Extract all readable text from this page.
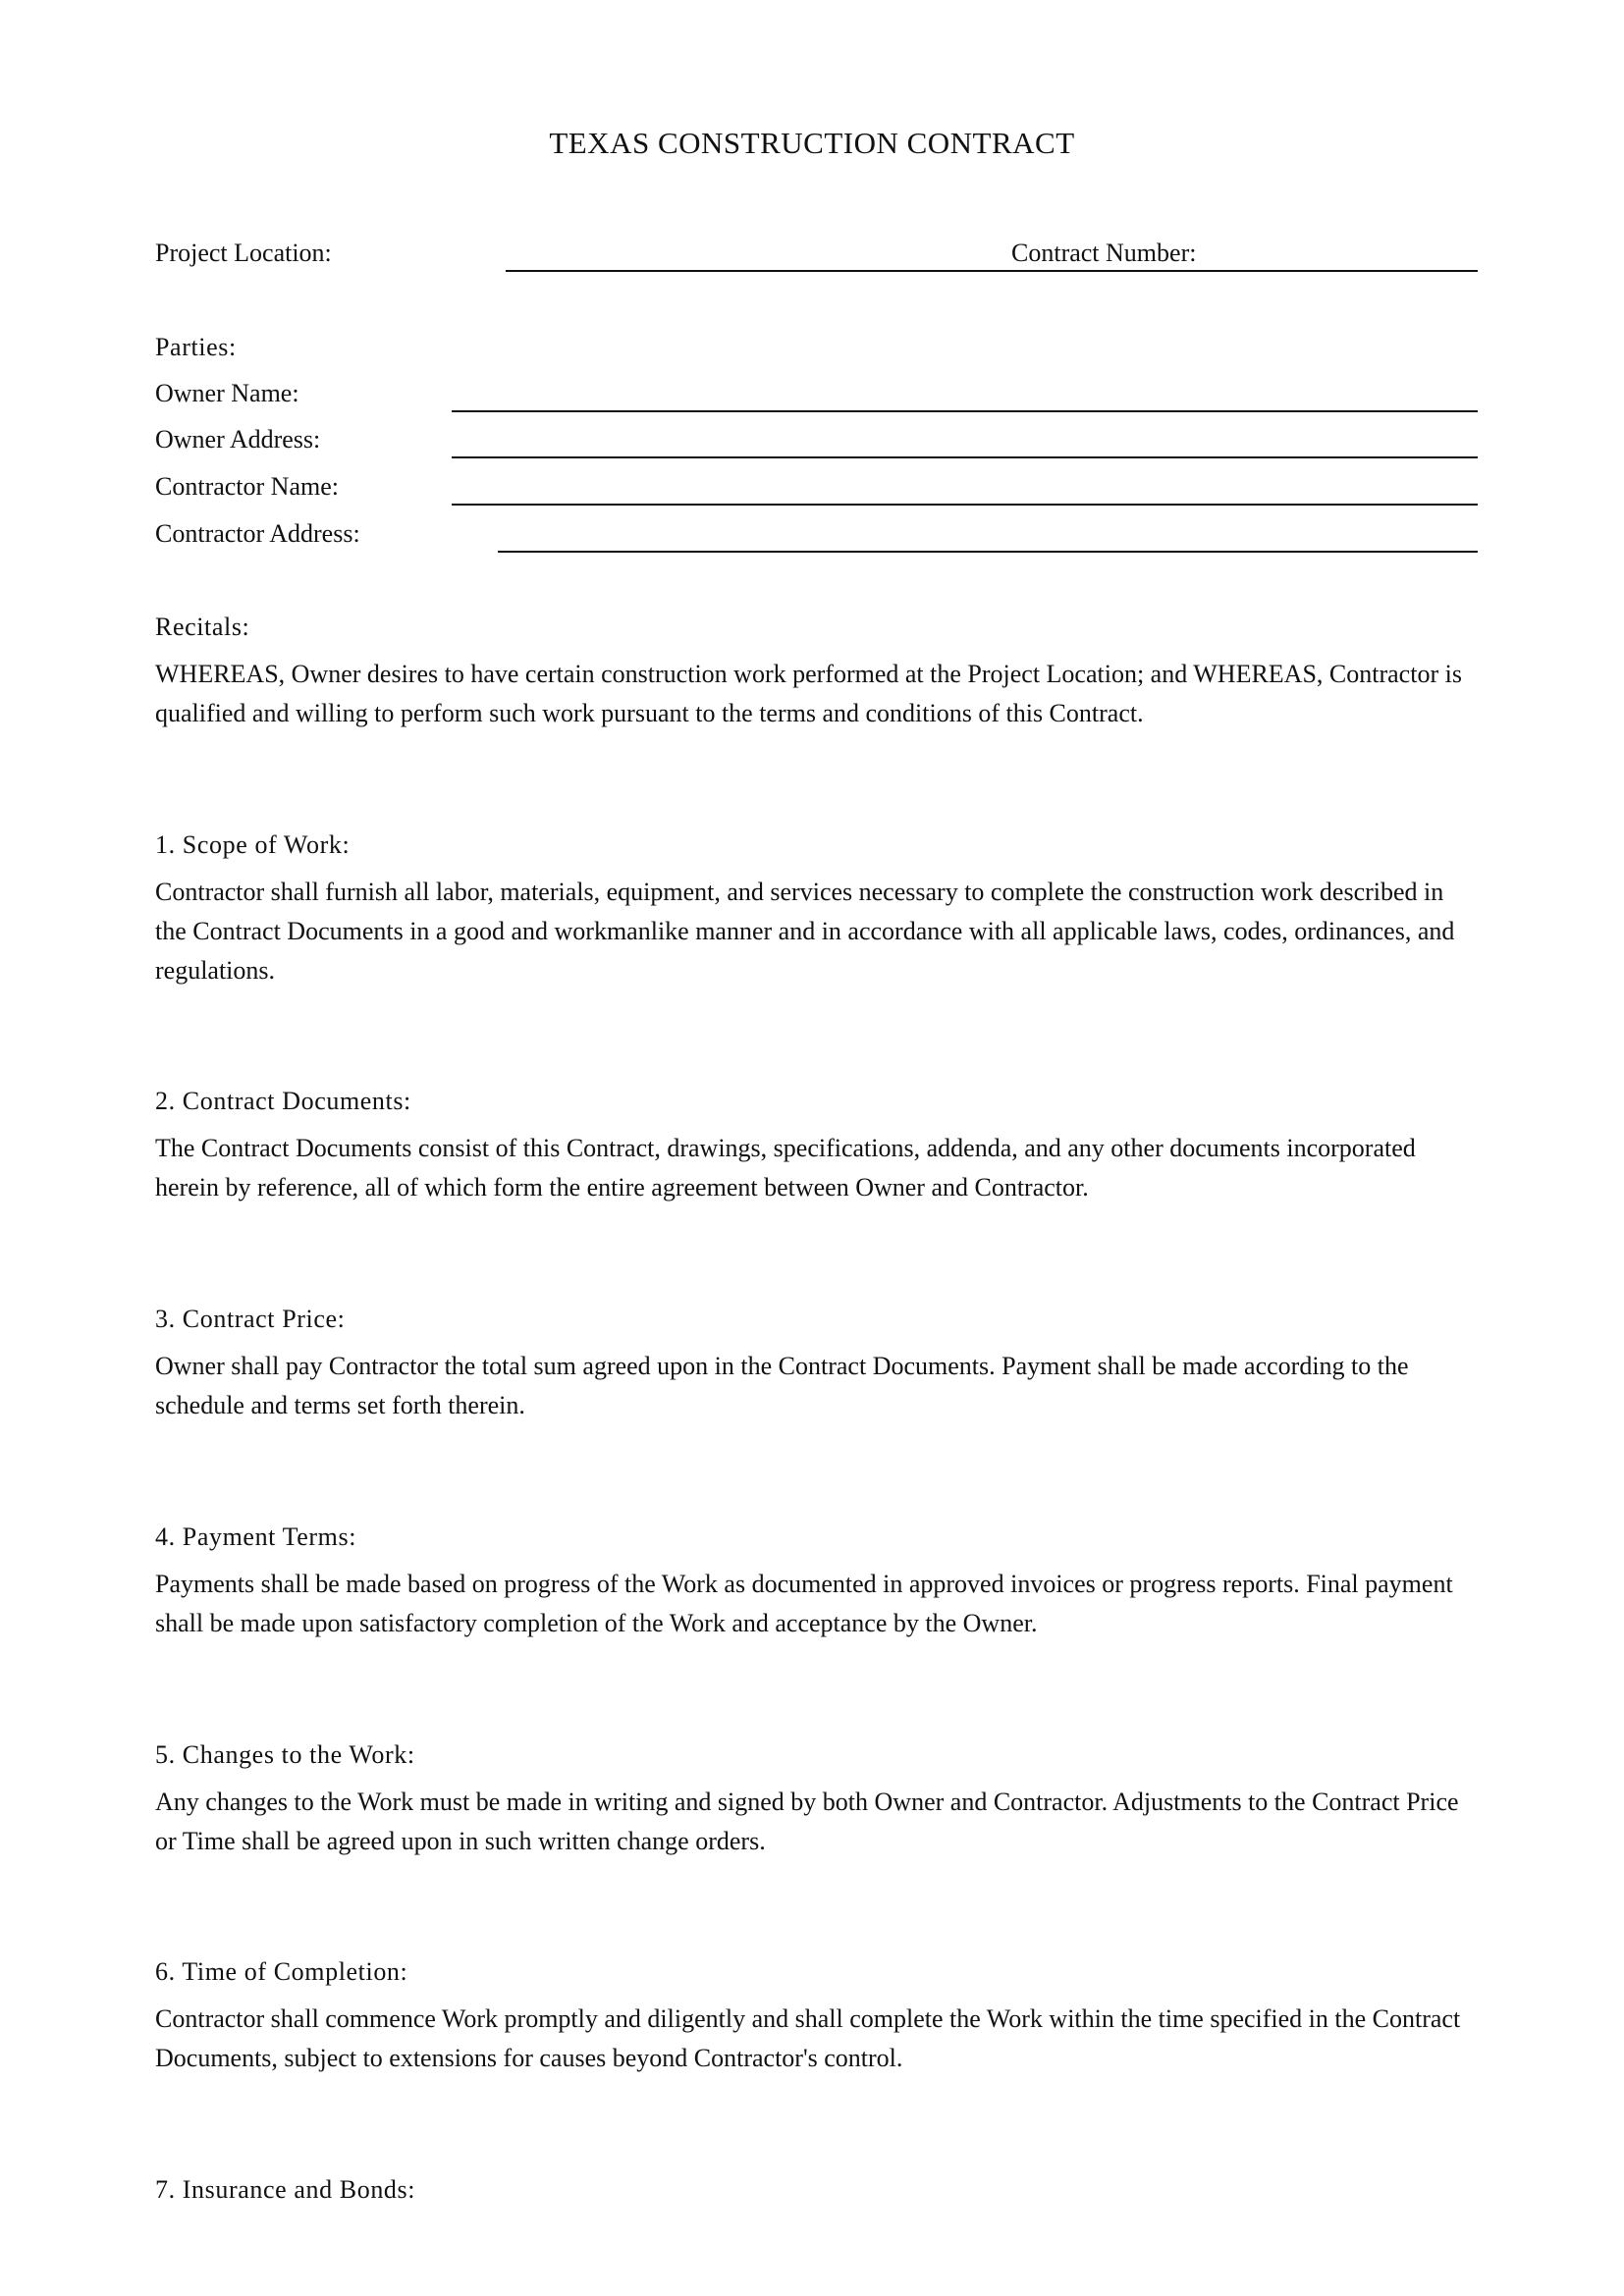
TEXAS CONSTRUCTION CONTRACT
Project Location:	Contract Number:
Parties:
Owner Name:
Owner Address:
Contractor Name:
Contractor Address:
Recitals:

WHEREAS, Owner desires to have certain construction work performed at the Project Location; and WHEREAS, Contractor is qualified and willing to perform such work pursuant to the terms and conditions of this Contract.

1. Scope of Work:

Contractor shall furnish all labor, materials, equipment, and services necessary to complete the construction work described in the Contract Documents in a good and workmanlike manner and in accordance with all applicable laws, codes, ordinances, and regulations.

2. Contract Documents:

The Contract Documents consist of this Contract, drawings, specifications, addenda, and any other documents incorporated herein by reference, all of which form the entire agreement between Owner and Contractor.

3. Contract Price:

Owner shall pay Contractor the total sum agreed upon in the Contract Documents. Payment shall be made according to the schedule and terms set forth therein.

4. Payment Terms:

Payments shall be made based on progress of the Work as documented in approved invoices or progress reports. Final payment shall be made upon satisfactory completion of the Work and acceptance by the Owner.

5. Changes to the Work:

Any changes to the Work must be made in writing and signed by both Owner and Contractor. Adjustments to the Contract Price or Time shall be agreed upon in such written change orders.

6. Time of Completion:

Contractor shall commence Work promptly and diligently and shall complete the Work within the time specified in the Contract Documents, subject to extensions for causes beyond Contractor's control.

7. Insurance and Bonds:
